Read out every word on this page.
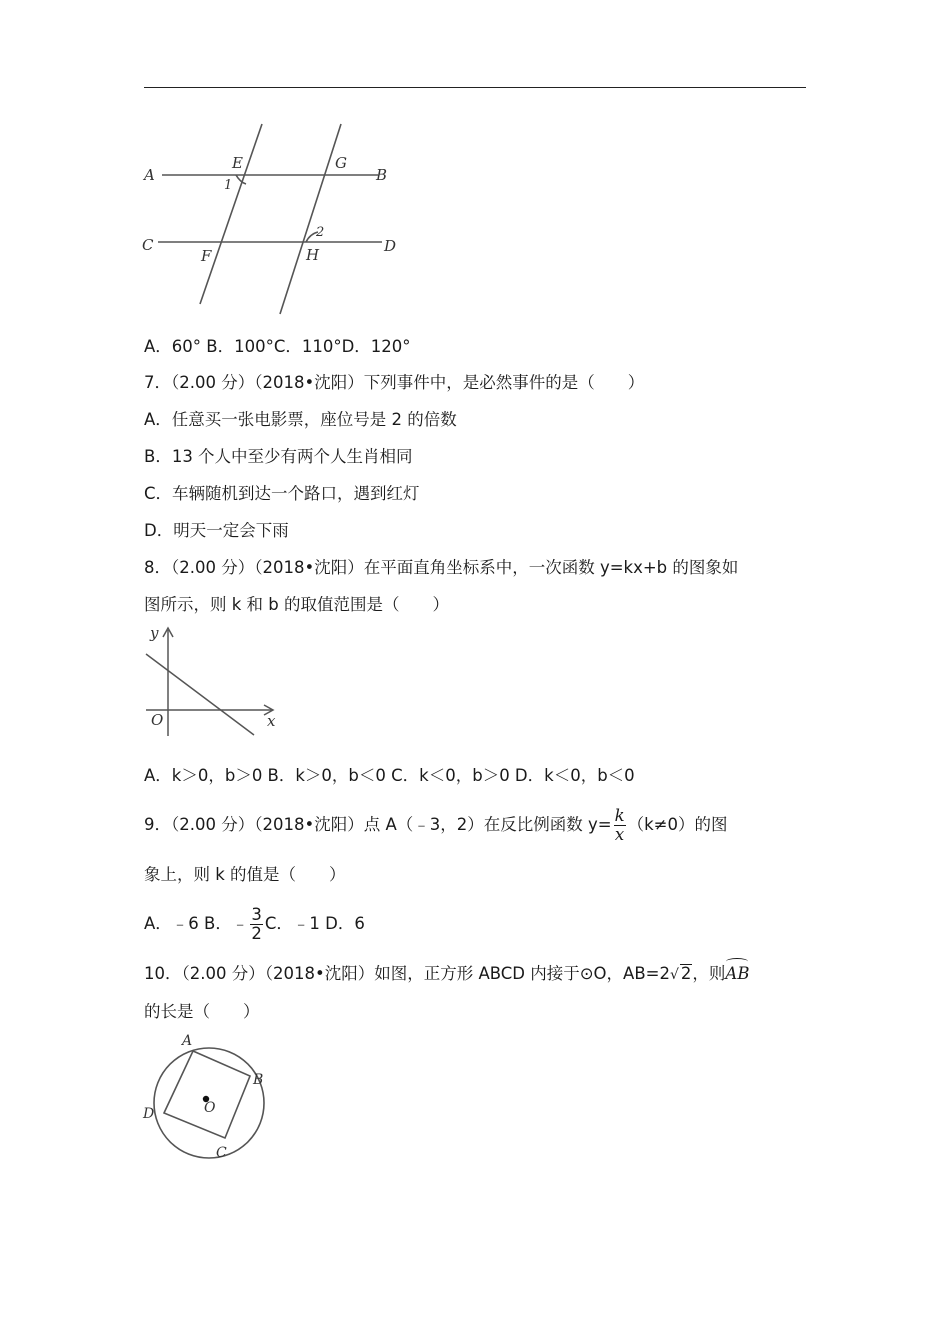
A	B
C	D
E
F
G
H
1
2
A．60° B．100°C．110°D．120°
7．（2.00 分）（2018•沈阳）下列事件中，是必然事件的是（　　）
A．任意买一张电影票，座位号是 2 的倍数
B．13 个人中至少有两个人生肖相同
C．车辆随机到达一个路口，遇到红灯
D．明天一定会下雨
8．（2.00 分）（2018•沈阳）在平面直角坐标系中，一次函数 y=kx+b 的图象如
图所示，则 k 和 b 的取值范围是（　　）
y
x
O
A．k＞0，b＞0 B．k＞0，b＜0 C．k＜0，b＞0 D．k＜0，b＜0
9．（2.00 分）（2018•沈阳）点 A（﹣3，2）在反比例函数 $y= \frac{k}{x} (k\ne 0)$的图
象上，则 k 的值是（　　）
A．﹣6 B．﹣ $\frac{3}{2}$ C．﹣1 D．6
10．（2.00 分）（2018•沈阳）如图，正方形 ABCD 内接于⊙O，AB=2√ 2，则AB
的长是（　　）
A
B
C
D	O
